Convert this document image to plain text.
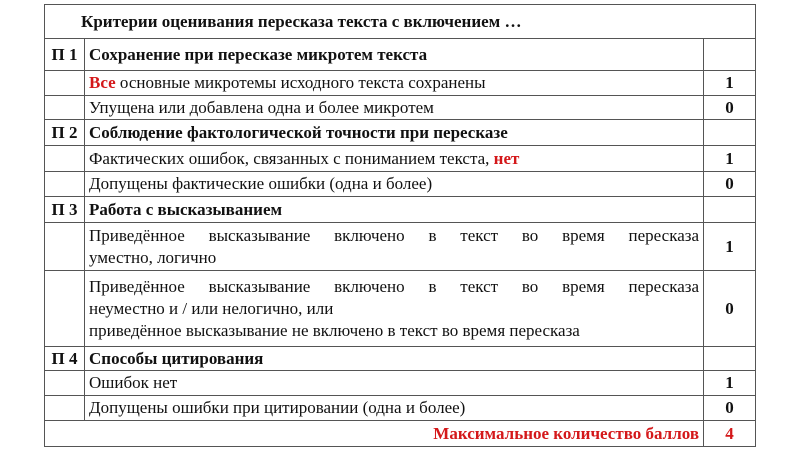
Критерии оценивания пересказа текста с включением …		
П 1	Сохранение при пересказе микротем текста	
	Все основные микротемы исходного текста сохранены	1
	Упущена или добавлена одна и более микротем	0
П 2	Соблюдение фактологической точности при пересказе	
	Фактических ошибок, связанных с пониманием текста, нет	1
	Допущены фактические ошибки (одна и более)	0
П 3	Работа с высказыванием	

	Приведённое высказывание включено в текст во время пересказа
уместно, логично	1

	Приведённое высказывание включено в текст во время пересказа
неуместно и / или нелогично, или
приведённое высказывание не включено в текст во время пересказа	0
П 4	Способы цитирования	
	Ошибок нет	1
	Допущены ошибки при цитировании (одна и более)	0
Максимальное количество баллов		4
